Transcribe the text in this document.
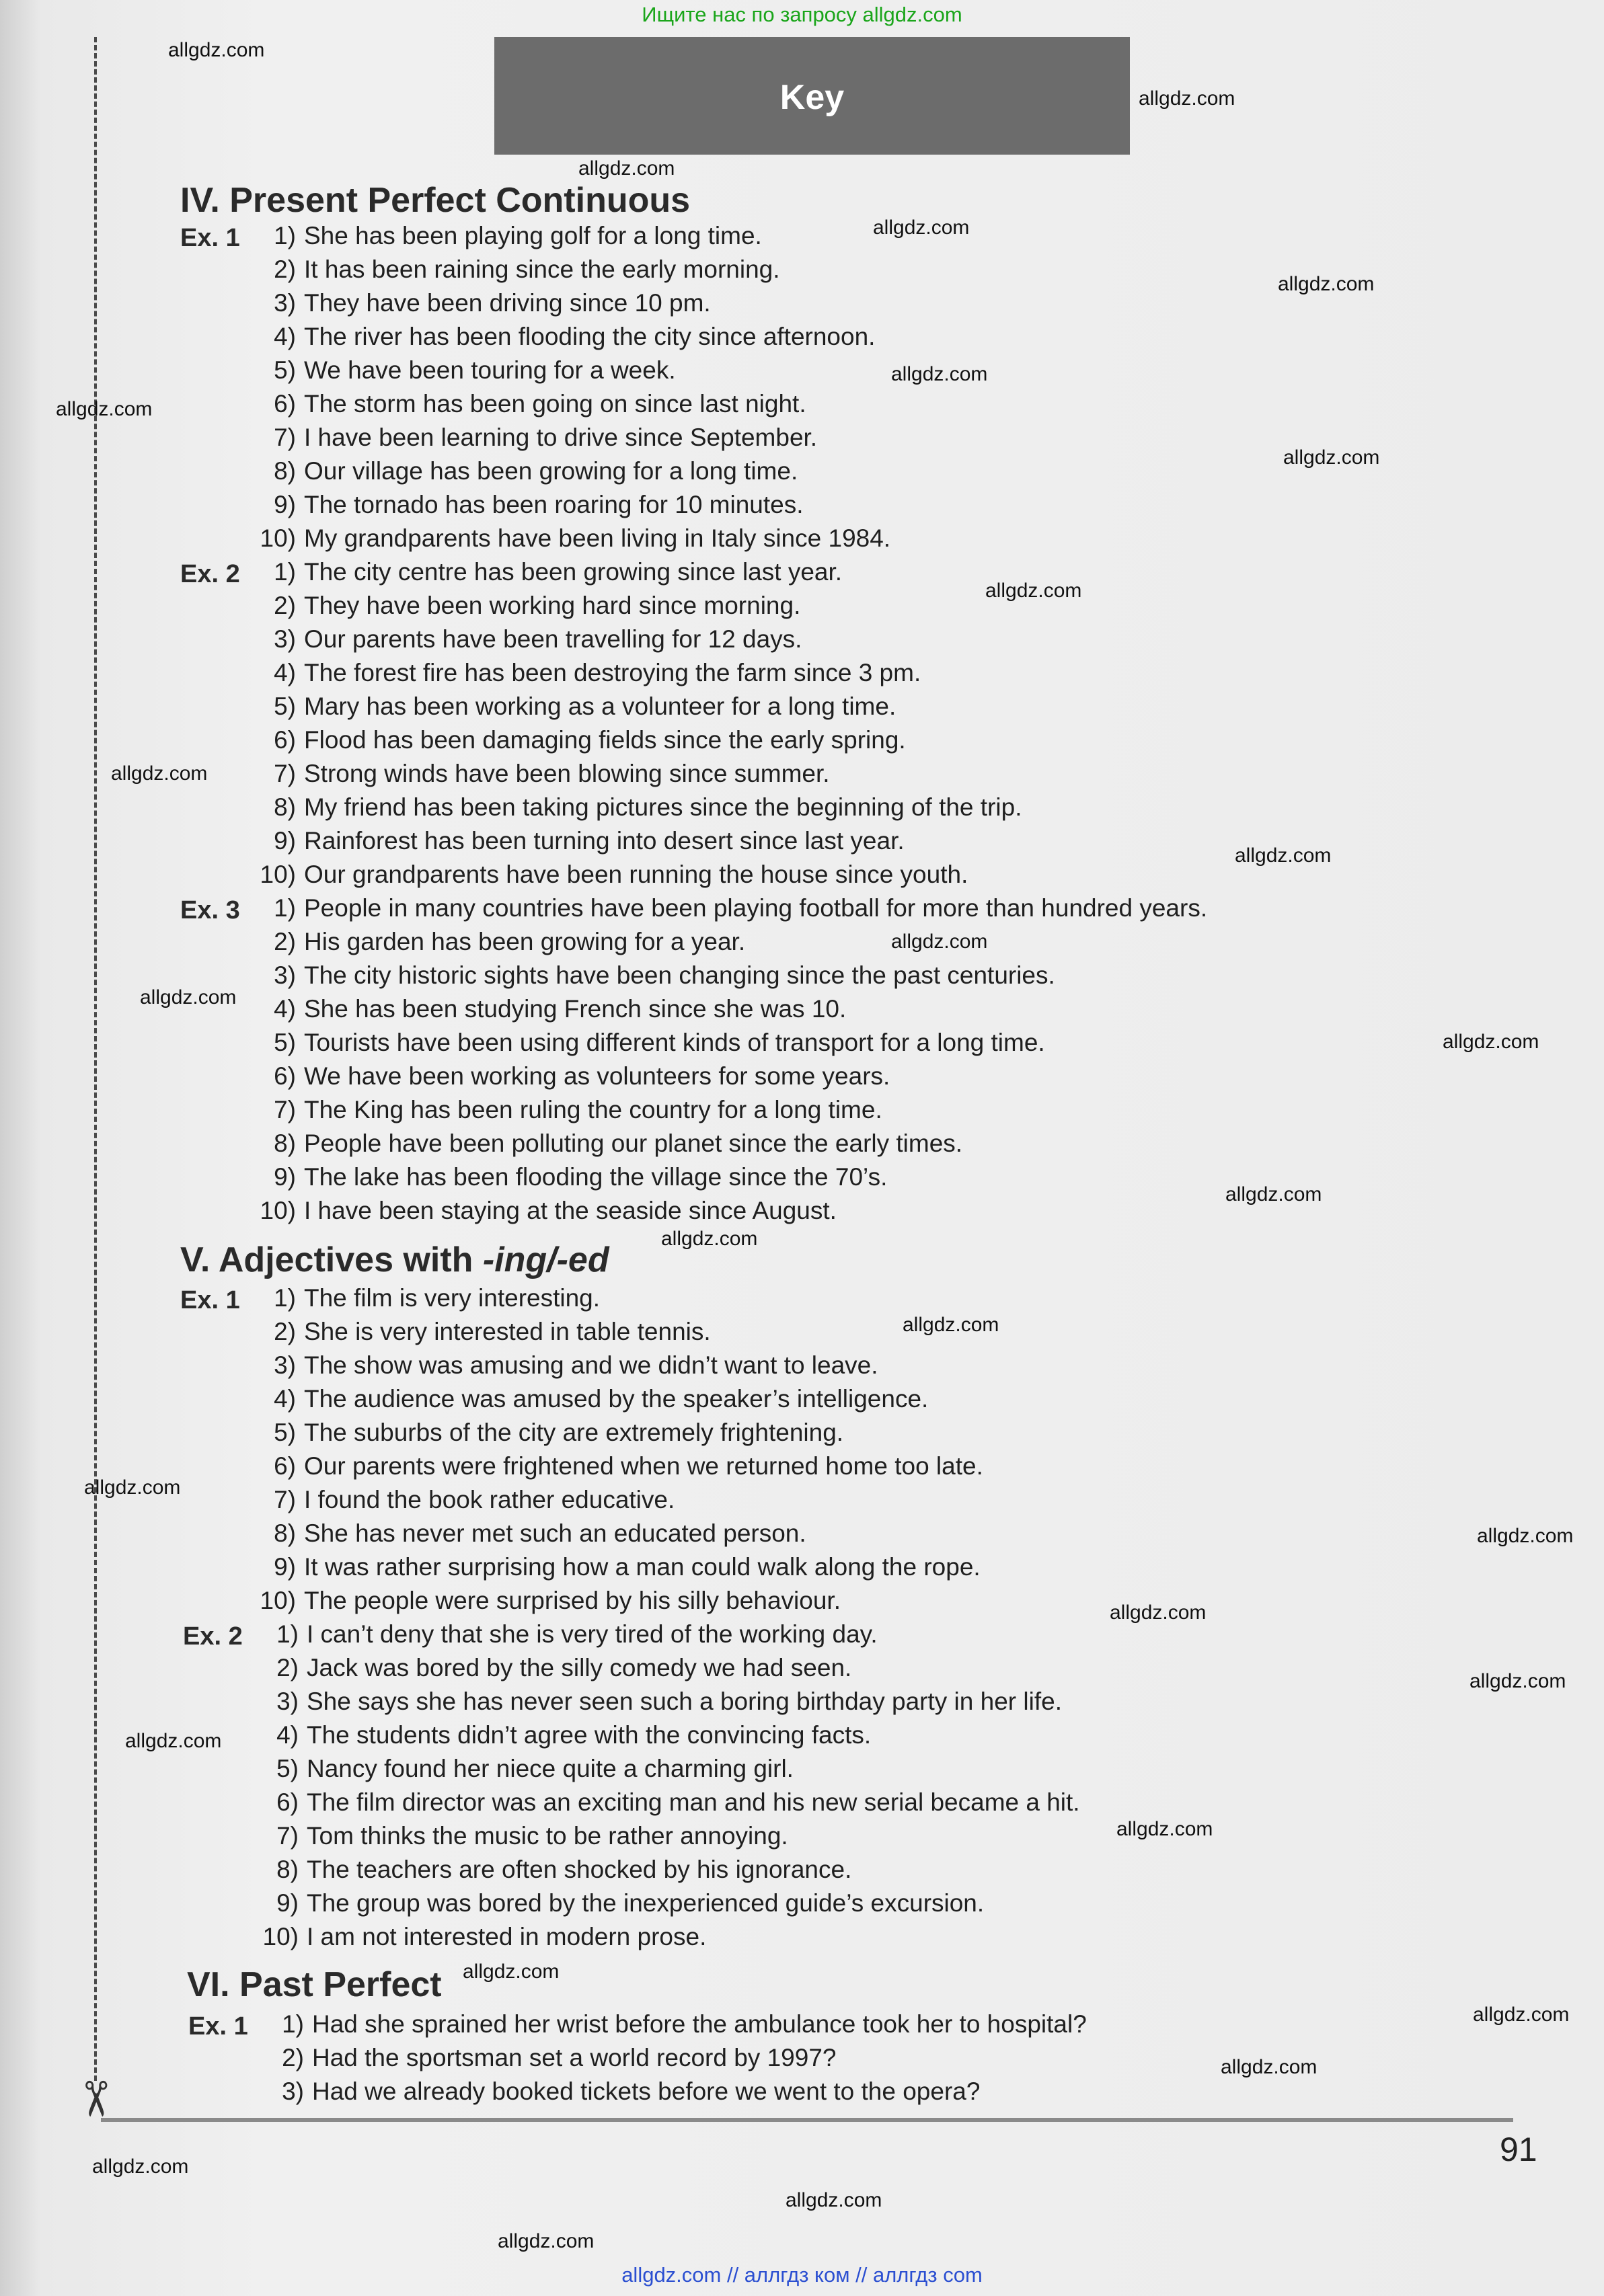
Ищите нас по запросу allgdz.com
✂
Key
allgdz.com
allgdz.com
allgdz.com
allgdz.com
allgdz.com
allgdz.com
allgdz.com
allgdz.com
allgdz.com
allgdz.com
allgdz.com
allgdz.com
allgdz.com
allgdz.com
allgdz.com
allgdz.com
allgdz.com
allgdz.com
allgdz.com
allgdz.com
allgdz.com
allgdz.com
allgdz.com
allgdz.com
allgdz.com
allgdz.com
allgdz.com
allgdz.com
allgdz.com
IV. Present Perfect Continuous
Ex. 1	1) She has been playing golf for a long time.
2) It has been raining since the early morning.
3) They have been driving since 10 pm.
4) The river has been flooding the city since afternoon.
5) We have been touring for a week.
6) The storm has been going on since last night.
7) I have been learning to drive since September.
8) Our village has been growing for a long time.
9) The tornado has been roaring for 10 minutes.
10) My grandparents have been living in Italy since 1984.
Ex. 2	1) The city centre has been growing since last year.
2) They have been working hard since morning.
3) Our parents have been travelling for 12 days.
4) The forest fire has been destroying the farm since 3 pm.
5) Mary has been working as a volunteer for a long time.
6) Flood has been damaging fields since the early spring.
7) Strong winds have been blowing since summer.
8) My friend has been taking pictures since the beginning of the trip.
9) Rainforest has been turning into desert since last year.
10) Our grandparents have been running the house since youth.
Ex. 3	1) People in many countries have been playing football for more than hundred years.
2) His garden has been growing for a year.
3) The city historic sights have been changing since the past centuries.
4) She has been studying French since she was 10.
5) Tourists have been using different kinds of transport for a long time.
6) We have been working as volunteers for some years.
7) The King has been ruling the country for a long time.
8) People have been polluting our planet since the early times.
9) The lake has been flooding the village since the 70’s.
10) I have been staying at the seaside since August.
V. Adjectives with -ing/-ed
Ex. 1	1) The film is very interesting.
2) She is very interested in table tennis.
3) The show was amusing and we didn’t want to leave.
4) The audience was amused by the speaker’s intelligence.
5) The suburbs of the city are extremely frightening.
6) Our parents were frightened when we returned home too late.
7) I found the book rather educative.
8) She has never met such an educated person.
9) It was rather surprising how a man could walk along the rope.
10) The people were surprised by his silly behaviour.
Ex. 2	1) I can’t deny that she is very tired of the working day.
2) Jack was bored by the silly comedy we had seen.
3) She says she has never seen such a boring birthday party in her life.
4) The students didn’t agree with the convincing facts.
5) Nancy found her niece quite a charming girl.
6) The film director was an exciting man and his new serial became a hit.
7) Tom thinks the music to be rather annoying.
8) The teachers are often shocked by his ignorance.
9) The group was bored by the inexperienced guide’s excursion.
10) I am not interested in modern prose.
VI. Past Perfect
Ex. 1	1) Had she sprained her wrist before the ambulance took her to hospital?
2) Had the sportsman set a world record by 1997?
3) Had we already booked tickets before we went to the opera?
91
allgdz.com // аллгдз ком // аллгдз com
